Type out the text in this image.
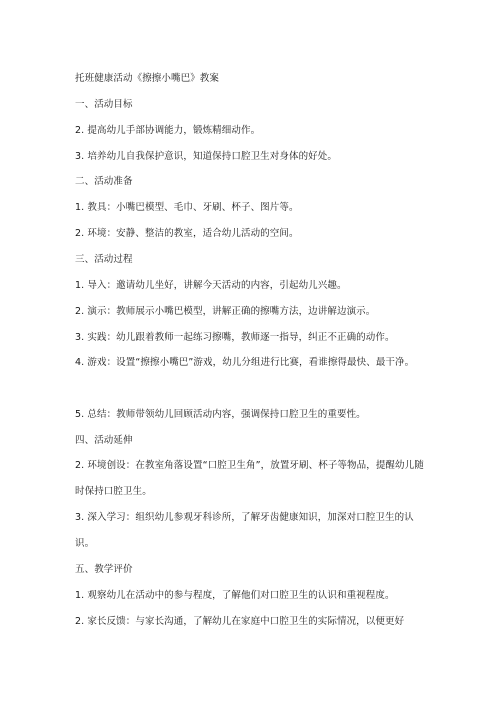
托班健康活动《擦擦小嘴巴》教案
一、活动目标
2. 提高幼儿手部协调能力，锻炼精细动作。
3. 培养幼儿自我保护意识，知道保持口腔卫生对身体的好处。
二、活动准备
1. 教具：小嘴巴模型、毛巾、牙刷、杯子、图片等。
2. 环境：安静、整洁的教室，适合幼儿活动的空间。
三、活动过程
1. 导入：邀请幼儿坐好，讲解今天活动的内容，引起幼儿兴趣。
2. 演示：教师展示小嘴巴模型，讲解正确的擦嘴方法，边讲解边演示。
3. 实践：幼儿跟着教师一起练习擦嘴，教师逐一指导，纠正不正确的动作。
4. 游戏：设置“擦擦小嘴巴”游戏，幼儿分组进行比赛，看谁擦得最快、最干净。
5. 总结：教师带领幼儿回顾活动内容，强调保持口腔卫生的重要性。
四、活动延伸
2. 环境创设：在教室角落设置“口腔卫生角”，放置牙刷、杯子等物品，提醒幼儿随时保持口腔卫生。
3. 深入学习：组织幼儿参观牙科诊所，了解牙齿健康知识，加深对口腔卫生的认识。
五、教学评价
1. 观察幼儿在活动中的参与程度，了解他们对口腔卫生的认识和重视程度。
2. 家长反馈：与家长沟通，了解幼儿在家庭中口腔卫生的实际情况，以便更好
